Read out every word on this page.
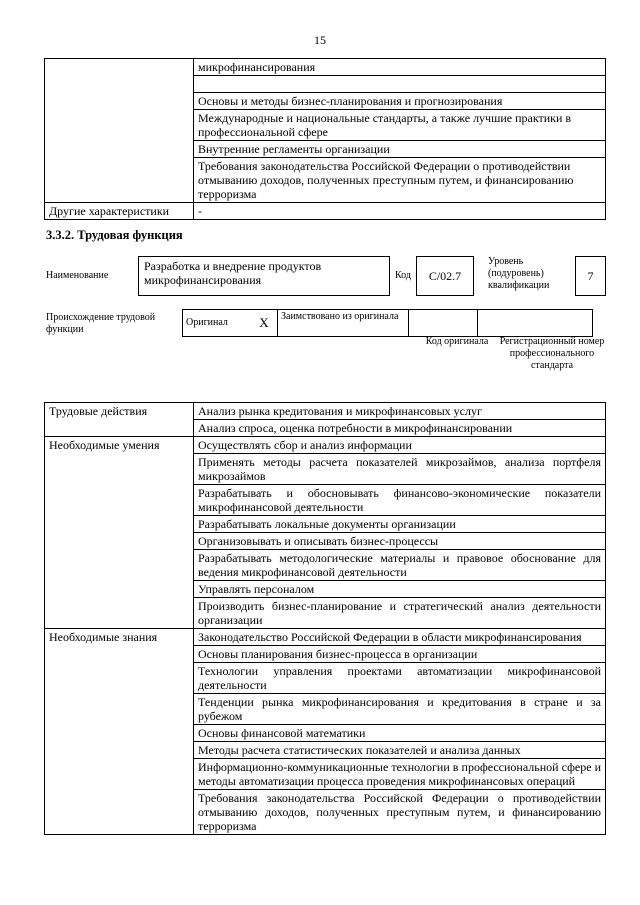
15
	микрофинансирования

	Основы и методы бизнес-планирования и прогнозирования
	Международные и национальные стандарты, а также лучшие практики в профессиональной сфере
	Внутренние регламенты организации
	Требования законодательства Российской Федерации о противодействии отмыванию доходов, полученных преступным путем, и финансированию терроризма
Другие характеристики	-
3.3.2. Трудовая функция
Наименование
Разработка и внедрение продуктов микрофинансирования	Код	С/02.7
Уровень (подуровень) квалификации
7
Происхождение трудовой функции
Оригинал	X	Заимствовано из оригинала		
Код оригинала	Регистрационный номер профессионального стандарта
Трудовые действия	Анализ рынка кредитования и микрофинансовых услуг
	Анализ спроса, оценка потребности в микрофинансировании
Необходимые умения	Осуществлять сбор и анализ информации
	Применять методы расчета показателей микрозаймов, анализа портфеля микрозаймов
	Разрабатывать и обосновывать финансово-экономические показатели микрофинансовой деятельности
	Разрабатывать локальные документы организации
	Организовывать и описывать бизнес-процессы
	Разрабатывать методологические материалы и правовое обоснование для ведения микрофинансовой деятельности
	Управлять персоналом
	Производить бизнес-планирование и стратегический анализ деятельности организации
Необходимые знания	Законодательство Российской Федерации в области микрофинансирования
	Основы планирования бизнес-процесса в организации
	Технологии управления проектами автоматизации микрофинансовой деятельности
	Тенденции рынка микрофинансирования и кредитования в стране и за рубежом
	Основы финансовой математики
	Методы расчета статистических показателей и анализа данных
	Информационно-коммуникационные технологии в профессиональной сфере и методы автоматизации процесса проведения микрофинансовых операций
	Требования законодательства Российской Федерации о противодействии отмыванию доходов, полученных преступным путем, и финансированию терроризма
